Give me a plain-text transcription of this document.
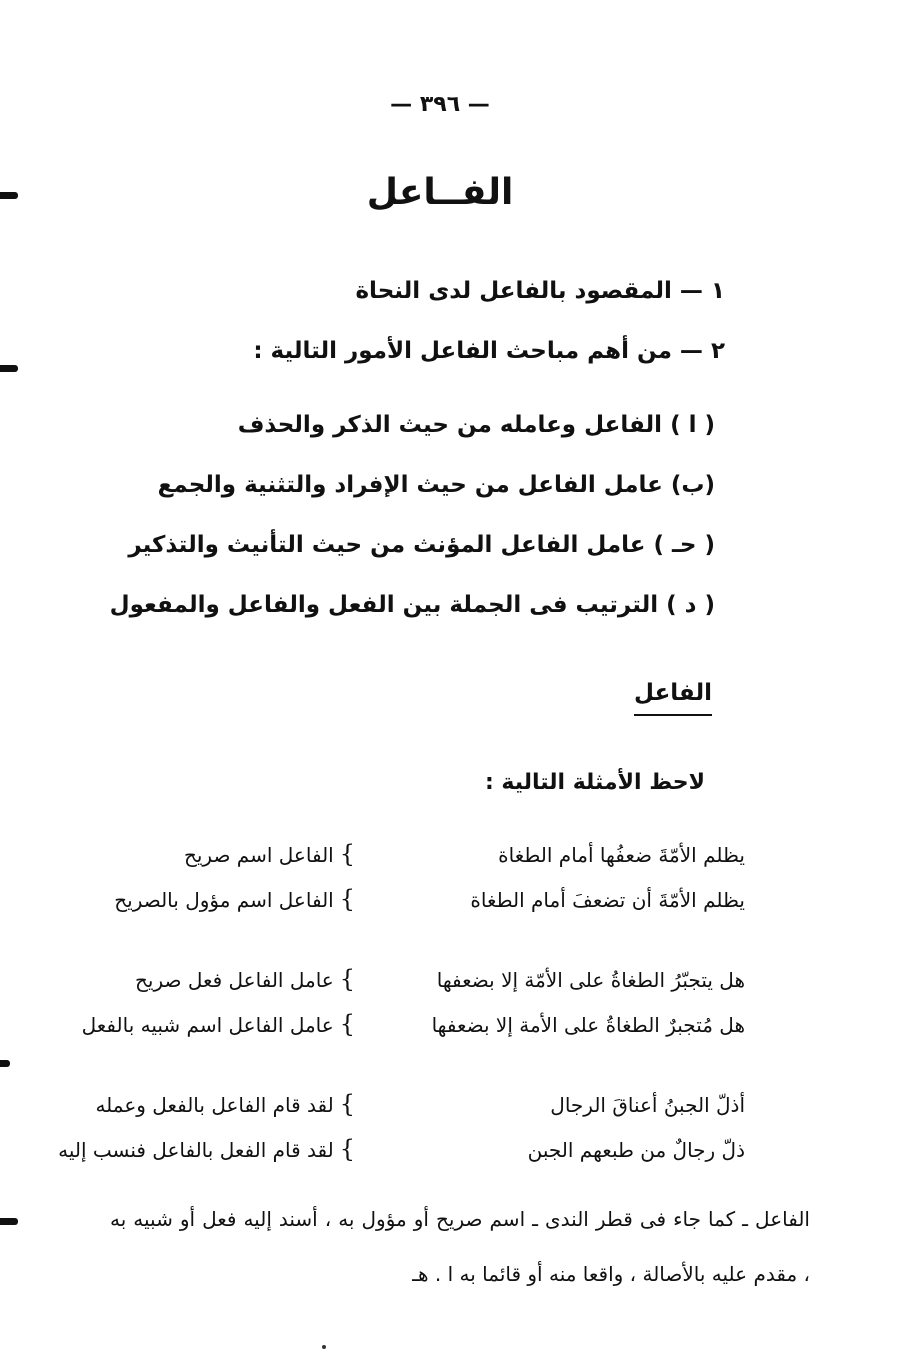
— ٣٩٦ —
الفــاعل
١ — المقصود بالفاعل لدى النحاة
٢ — من أهم مباحث الفاعل الأمور التالية :
( ا ) الفاعل وعامله من حيث الذكر والحذف
(ب) عامل الفاعل من حيث الإفراد والتثنية والجمع
( حـ ) عامل الفاعل المؤنث من حيث التأنيث والتذكير
( د ) الترتيب فى الجملة بين الفعل والفاعل والمفعول
الفاعل
لاحظ الأمثلة التالية :
يظلم الأمّةَ ضعفُها أمام الطغاة
يظلم الأمّةَ أن تضعفَ أمام الطغاة
}الفاعل اسم صريح
}الفاعل اسم مؤول بالصريح
هل يتجبّرُ الطغاةُ على الأمّة إلا بضعفها
هل مُتجبرٌ الطغاةُ على الأمة إلا بضعفها
}عامل الفاعل فعل صريح
}عامل الفاعل اسم شبيه بالفعل
أذلّ الجبنُ أعناقَ الرجال
ذلّ رجالٌ من طبعهم الجبن
}لقد قام الفاعل بالفعل وعمله
}لقد قام الفعل بالفاعل فنسب إليه
الفاعل ـ كما جاء فى قطر الندى ـ اسم صريح أو مؤول به ، أسند إليه فعل أو شبيه به ، مقدم عليه بالأصالة ، واقعا منه أو قائما به ا . هـ
